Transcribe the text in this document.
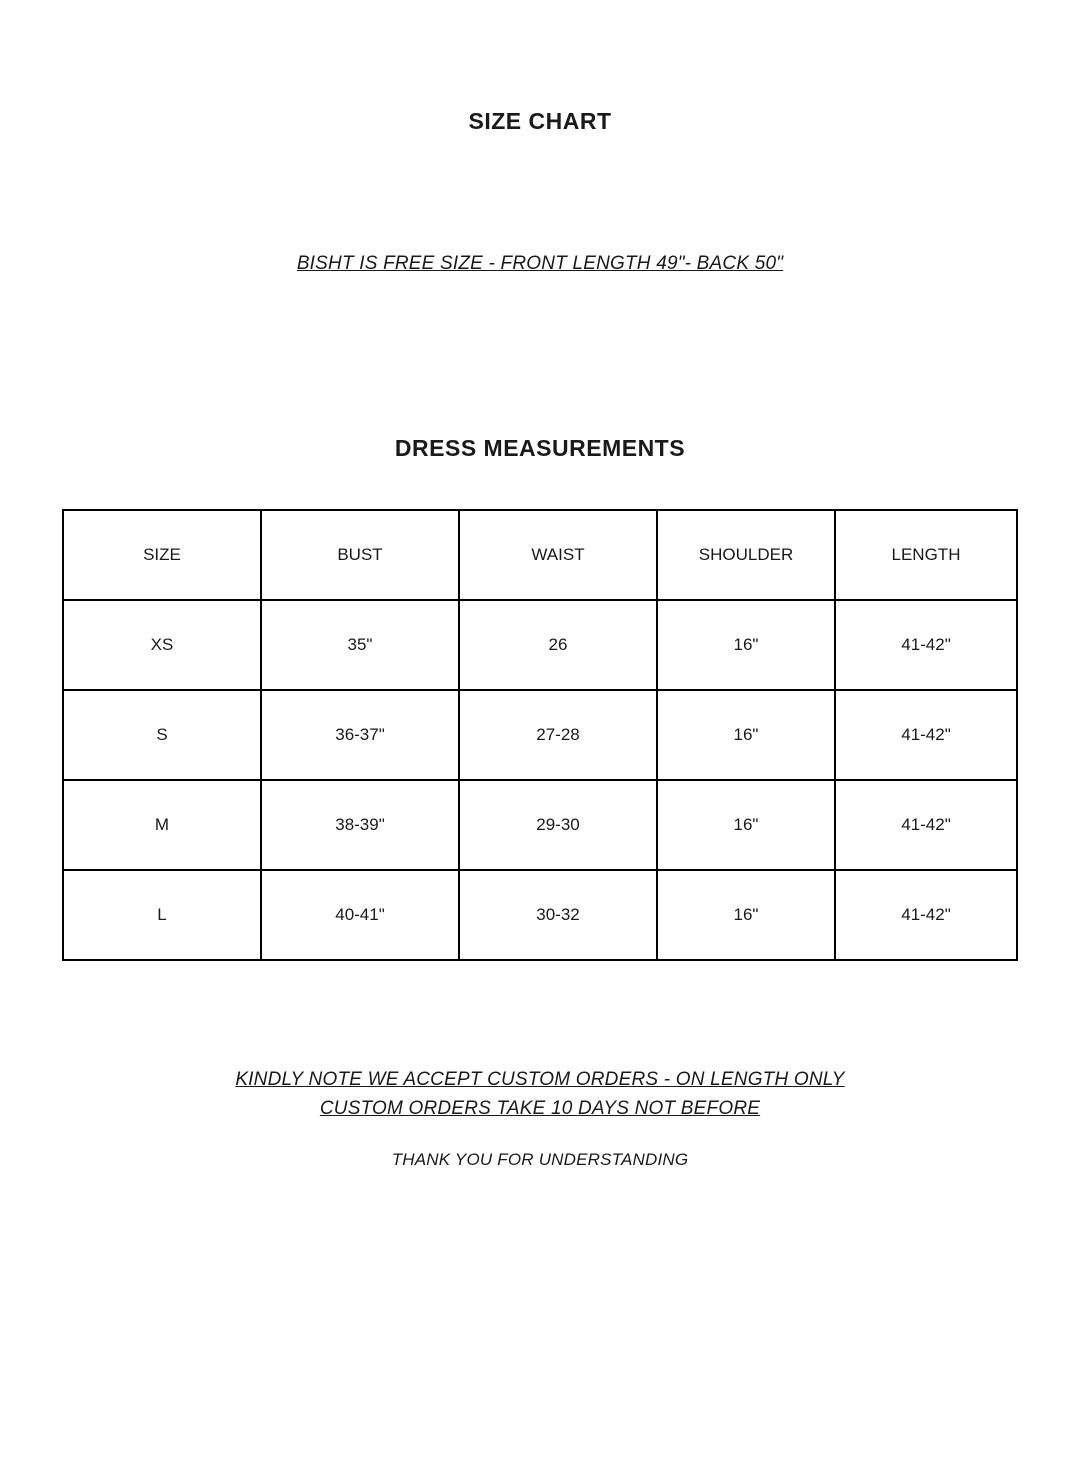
SIZE CHART
BISHT IS FREE SIZE - FRONT LENGTH 49"- BACK 50"
DRESS MEASUREMENTS
SIZE	BUST	WAIST	SHOULDER	LENGTH
XS	35"	26	16"	41-42"
S	36-37"	27-28	16"	41-42"
M	38-39"	29-30	16"	41-42"
L	40-41"	30-32	16"	41-42"
KINDLY NOTE WE ACCEPT CUSTOM ORDERS - ON LENGTH ONLY
CUSTOM ORDERS TAKE 10 DAYS NOT BEFORE
THANK YOU FOR UNDERSTANDING
